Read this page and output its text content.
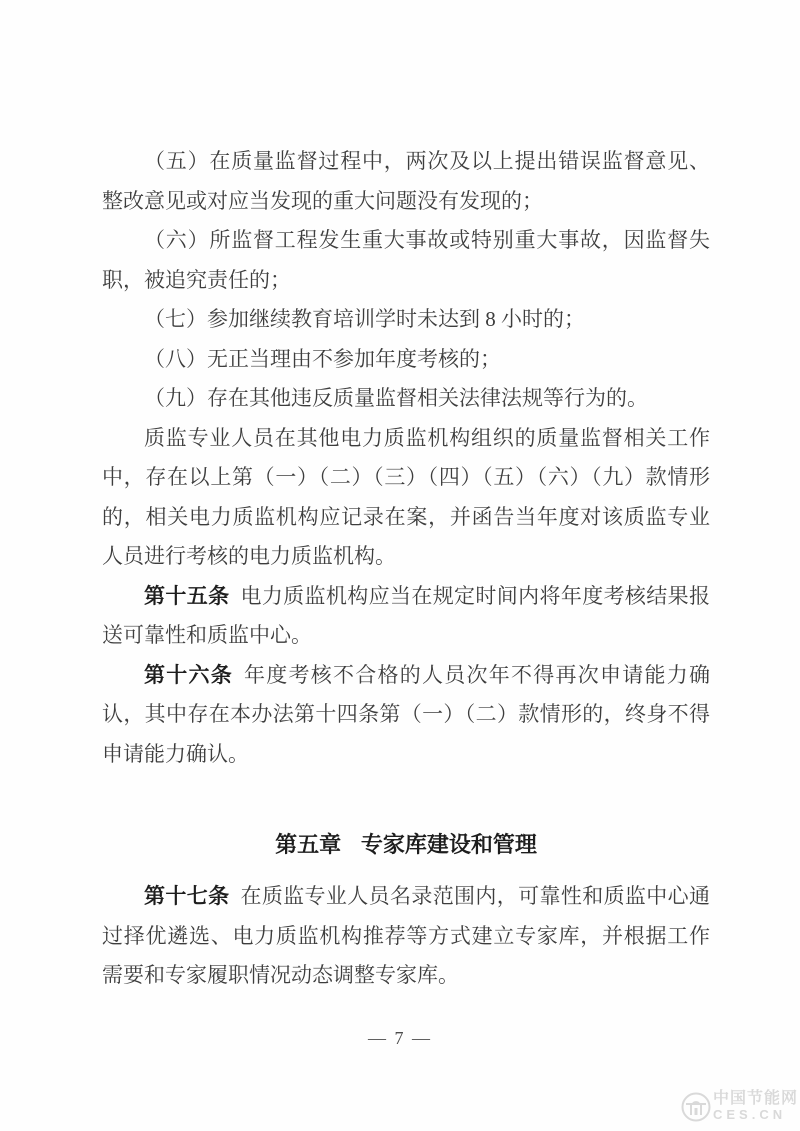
（五）在质量监督过程中，两次及以上提出错误监督意见、整改意见或对应当发现的重大问题没有发现的；

（六）所监督工程发生重大事故或特别重大事故，因监督失职，被追究责任的；

（七）参加继续教育培训学时未达到 8 小时的；

（八）无正当理由不参加年度考核的；

（九）存在其他违反质量监督相关法律法规等行为的。

质监专业人员在其他电力质监机构组织的质量监督相关工作中，存在以上第（一）（二）（三）（四）（五）（六）（九）款情形的，相关电力质监机构应记录在案，并函告当年度对该质监专业人员进行考核的电力质监机构。

第十五条 电力质监机构应当在规定时间内将年度考核结果报送可靠性和质监中心。

第十六条 年度考核不合格的人员次年不得再次申请能力确认，其中存在本办法第十四条第（一）（二）款情形的，终身不得申请能力确认。

第五章 专家库建设和管理

第十七条 在质监专业人员名录范围内，可靠性和质监中心通过择优遴选、电力质监机构推荐等方式建立专家库，并根据工作需要和专家履职情况动态调整专家库。

— 7 —
中国节能网
CES.CN
